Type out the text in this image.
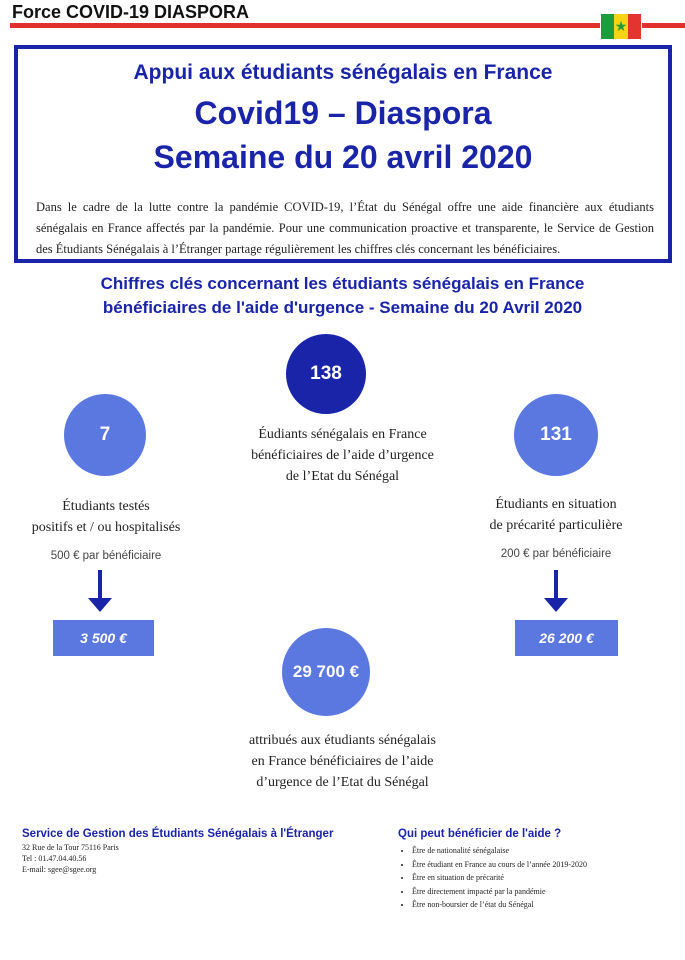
Force COVID-19 DIASPORA
★
Appui aux étudiants sénégalais en France
Covid19 – Diaspora
Semaine du 20 avril 2020
Dans le cadre de la lutte contre la pandémie COVID-19, l’État du Sénégal offre une aide financière aux étudiants sénégalais en France affectés par la pandémie. Pour une communication proactive et transparente, le Service de Gestion des Étudiants Sénégalais à l’Étranger partage régulièrement les chiffres clés concernant les bénéficiaires.
Chiffres clés concernant les étudiants sénégalais en France
bénéficiaires de l'aide d'urgence - Semaine du 20 Avril 2020
138
Éudiants sénégalais en France
bénéficiaires de l’aide d’urgence
de l’Etat du Sénégal
7
Étudiants testés
positifs et / ou hospitalisés
500 € par bénéficiaire
3 500 €
131
Étudiants en situation
de précarité particulière
200 € par bénéficiaire
26 200 €
29 700 €
attribués aux étudiants sénégalais
en France bénéficiaires de l’aide
d’urgence de l’Etat du Sénégal
Service de Gestion des Étudiants Sénégalais à l'Étranger
32 Rue de la Tour 75116 Paris
Tel : 01.47.04.40.56
E-mail: sgee@sgee.org
Qui peut bénéficier de l'aide ?
• Être de nationalité sénégalaise
• Être étudiant en France au cours de l’année 2019-2020
• Être en situation de précarité
• Être directement impacté par la pandémie
• Être non-boursier de l’état du Sénégal
